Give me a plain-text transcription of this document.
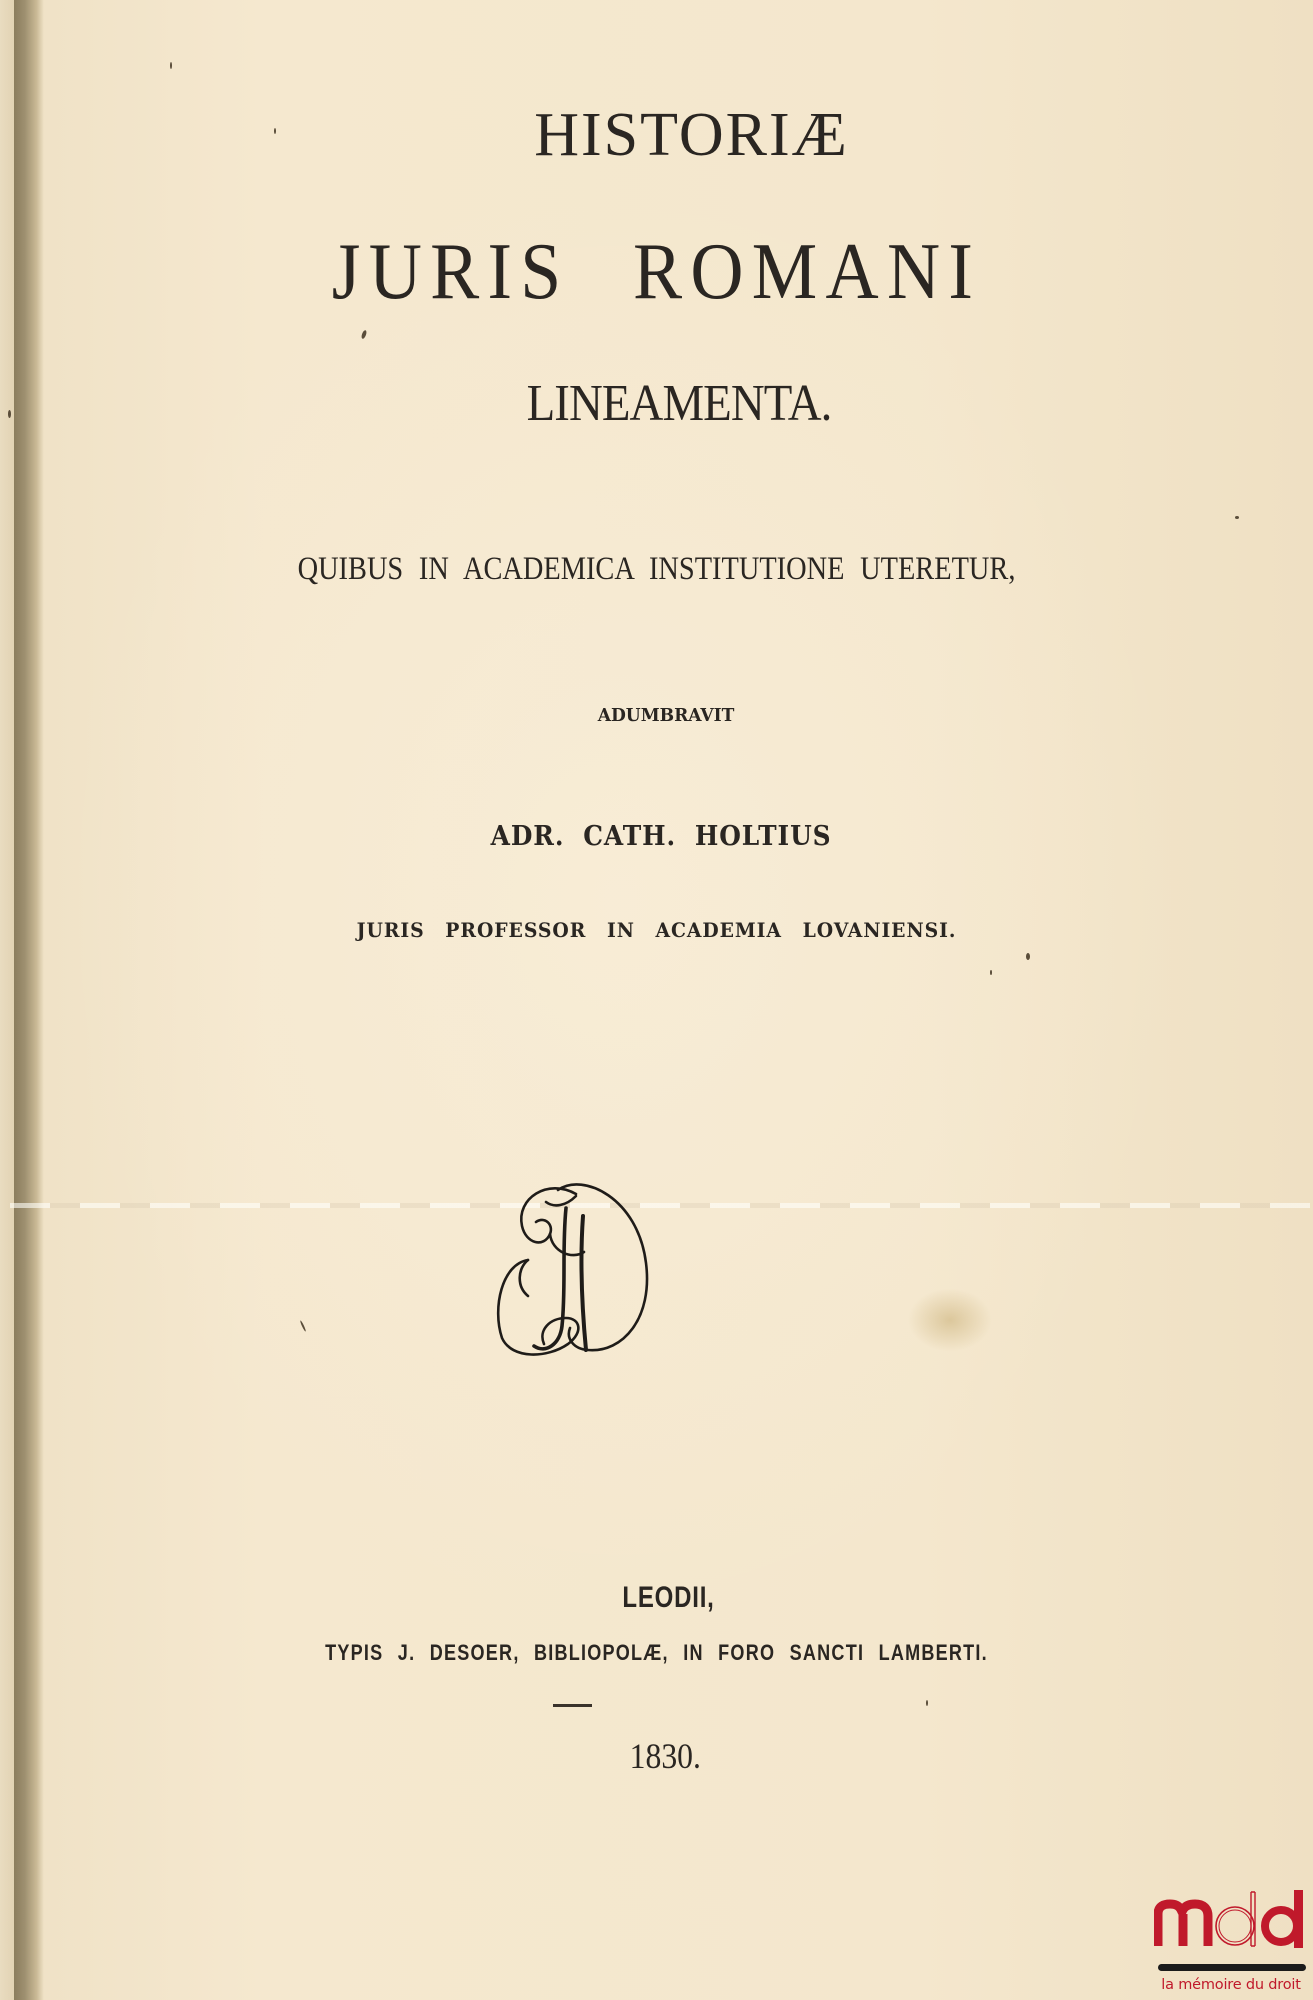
HISTORIÆ
JURIS ROMANI
LINEAMENTA.
QUIBUS IN ACADEMICA INSTITUTIONE UTERETUR,
ADUMBRAVIT
ADR. CATH. HOLTIUS
JURIS PROFESSOR IN ACADEMIA LOVANIENSI.
LEODII,
TYPIS J. DESOER, BIBLIOPOLÆ, IN FORO SANCTI LAMBERTI.
1830.
la mémoire du droit
